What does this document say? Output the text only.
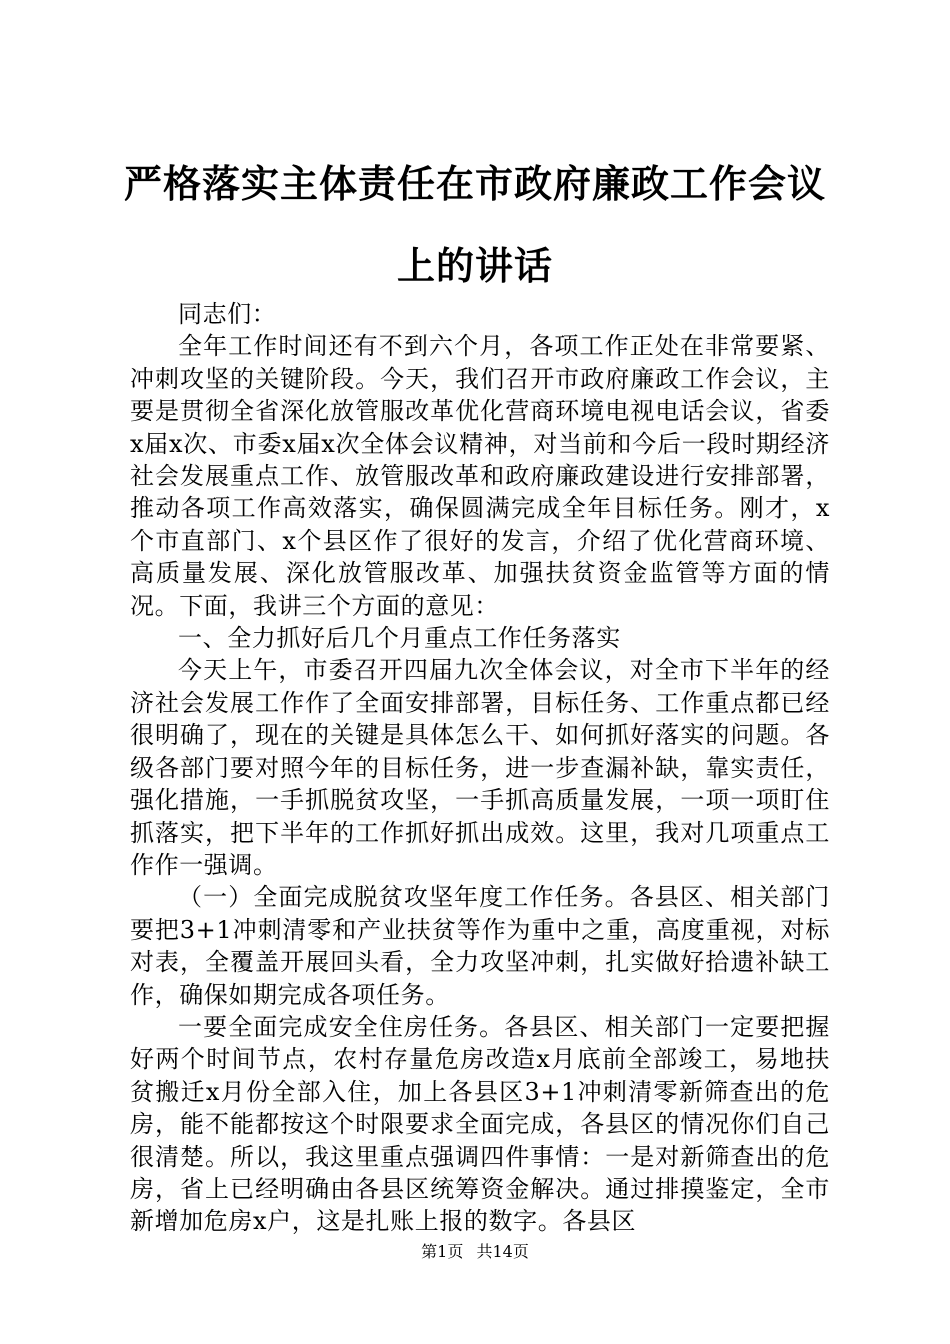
严格落实主体责任在市政府廉政工作会议上的讲话

同志们：

全年工作时间还有不到六个月，各项工作正处在非常要紧、冲刺攻坚的关键阶段。今天，我们召开市政府廉政工作会议，主要是贯彻全省深化放管服改革优化营商环境电视电话会议，省委x届x次、市委x届x次全体会议精神，对当前和今后一段时期经济社会发展重点工作、放管服改革和政府廉政建设进行安排部署，推动各项工作高效落实，确保圆满完成全年目标任务。刚才，x个市直部门、x个县区作了很好的发言，介绍了优化营商环境、高质量发展、深化放管服改革、加强扶贫资金监管等方面的情况。下面，我讲三个方面的意见：

一、全力抓好后几个月重点工作任务落实

今天上午，市委召开四届九次全体会议，对全市下半年的经济社会发展工作作了全面安排部署，目标任务、工作重点都已经很明确了，现在的关键是具体怎么干、如何抓好落实的问题。各级各部门要对照今年的目标任务，进一步查漏补缺，靠实责任，强化措施，一手抓脱贫攻坚，一手抓高质量发展，一项一项盯住抓落实，把下半年的工作抓好抓出成效。这里，我对几项重点工作作一强调。

（一）全面完成脱贫攻坚年度工作任务。各县区、相关部门要把3+1冲刺清零和产业扶贫等作为重中之重，高度重视，对标对表，全覆盖开展回头看，全力攻坚冲刺，扎实做好拾遗补缺工作，确保如期完成各项任务。

一要全面完成安全住房任务。各县区、相关部门一定要把握好两个时间节点，农村存量危房改造x月底前全部竣工，易地扶贫搬迁x月份全部入住，加上各县区3+1冲刺清零新筛查出的危房，能不能都按这个时限要求全面完成，各县区的情况你们自己很清楚。所以，我这里重点强调四件事情：一是对新筛查出的危房，省上已经明确由各县区统筹资金解决。通过排摸鉴定，全市新增加危房x户，这是扎账上报的数字。各县区

第1页 共14页
